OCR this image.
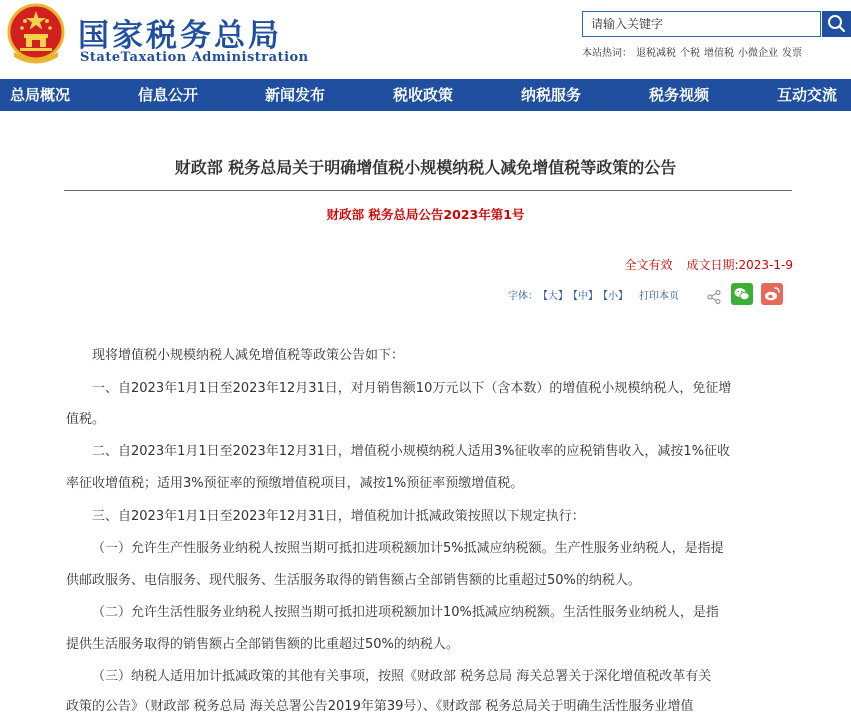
国家税务总局
StateTaxation Administration
请输入关键字	本站热词： 退税减税 个税 增值税 小微企业 发票
总局概况	信息公开	新闻发布	税收政策	纳税服务	税务视频	互动交流
财政部 税务总局关于明确增值税小规模纳税人减免增值税等政策的公告
财政部 税务总局公告2023年第1号
全文有效 成文日期:2023-1-9
字体： 【大】 【中】 【小】 打印本页
现将增值税小规模纳税人减免增值税等政策公告如下：
一、自2023年1月1日至2023年12月31日，对月销售额10万元以下（含本数）的增值税小规模纳税人，免征增
值税。
二、自2023年1月1日至2023年12月31日，增值税小规模纳税人适用3%征收率的应税销售收入，减按1%征收
率征收增值税；适用3%预征率的预缴增值税项目，减按1%预征率预缴增值税。
三、自2023年1月1日至2023年12月31日，增值税加计抵减政策按照以下规定执行：
（一）允许生产性服务业纳税人按照当期可抵扣进项税额加计5%抵减应纳税额。生产性服务业纳税人，是指提
供邮政服务、电信服务、现代服务、生活服务取得的销售额占全部销售额的比重超过50%的纳税人。
（二）允许生活性服务业纳税人按照当期可抵扣进项税额加计10%抵减应纳税额。生活性服务业纳税人，是指
提供生活服务取得的销售额占全部销售额的比重超过50%的纳税人。
（三）纳税人适用加计抵减政策的其他有关事项，按照《财政部 税务总局 海关总署关于深化增值税改革有关
政策的公告》（财政部 税务总局 海关总署公告2019年第39号）、《财政部 税务总局关于明确生活性服务业增值
